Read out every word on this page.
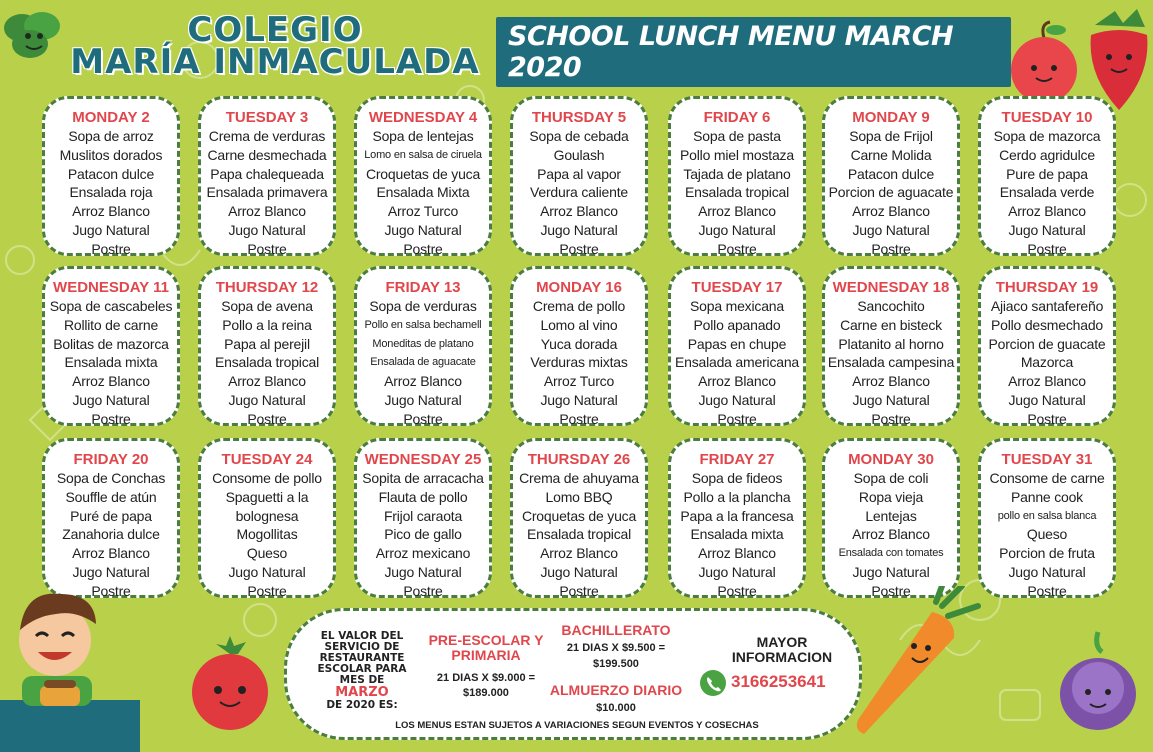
COLEGIO
MARÍA INMACULADA
SCHOOL LUNCH MENU MARCH 2020
MONDAY 2
Sopa de arroz
Muslitos dorados
Patacon dulce
Ensalada roja
Arroz Blanco
Jugo Natural
Postre
TUESDAY 3
Crema de verduras
Carne desmechada
Papa chalequeada
Ensalada primavera
Arroz Blanco
Jugo Natural
Postre
WEDNESDAY 4
Sopa de lentejas
Lomo en salsa de ciruela
Croquetas de yuca
Ensalada Mixta
Arroz Turco
Jugo Natural
Postre
THURSDAY 5
Sopa de cebada
Goulash
Papa al vapor
Verdura caliente
Arroz Blanco
Jugo Natural
Postre
FRIDAY 6
Sopa de pasta
Pollo miel mostaza
Tajada de platano
Ensalada tropical
Arroz Blanco
Jugo Natural
Postre
MONDAY 9
Sopa de Frijol
Carne Molida
Patacon dulce
Porcion de aguacate
Arroz Blanco
Jugo Natural
Postre
TUESDAY 10
Sopa de mazorca
Cerdo agridulce
Pure de papa
Ensalada verde
Arroz Blanco
Jugo Natural
Postre
WEDNESDAY 11
Sopa de cascabeles
Rollito de carne
Bolitas de mazorca
Ensalada mixta
Arroz Blanco
Jugo Natural
Postre
THURSDAY 12
Sopa de avena
Pollo a la reina
Papa al perejil
Ensalada tropical
Arroz Blanco
Jugo Natural
Postre
FRIDAY 13
Sopa de verduras
Pollo en salsa bechamell
Moneditas de platano
Ensalada de aguacate
Arroz Blanco
Jugo Natural
Postre
MONDAY 16
Crema de pollo
Lomo al vino
Yuca dorada
Verduras mixtas
Arroz Turco
Jugo Natural
Postre
TUESDAY 17
Sopa mexicana
Pollo apanado
Papas en chupe
Ensalada americana
Arroz Blanco
Jugo Natural
Postre
WEDNESDAY 18
Sancochito
Carne en bisteck
Platanito al horno
Ensalada campesina
Arroz Blanco
Jugo Natural
Postre
THURSDAY 19
Ajiaco santafereño
Pollo desmechado
Porcion de guacate
Mazorca
Arroz Blanco
Jugo Natural
Postre
FRIDAY 20
Sopa de Conchas
Souffle de atún
Puré de papa
Zanahoria dulce
Arroz Blanco
Jugo Natural
Postre
TUESDAY 24
Consome de pollo
Spaguetti a la
bolognesa
Mogollitas
Queso
Jugo Natural
Postre
WEDNESDAY 25
Sopita de arracacha
Flauta de pollo
Frijol caraota
Pico de gallo
Arroz mexicano
Jugo Natural
Postre
THURSDAY 26
Crema de ahuyama
Lomo BBQ
Croquetas de yuca
Ensalada tropical
Arroz Blanco
Jugo Natural
Postre
FRIDAY 27
Sopa de fideos
Pollo a la plancha
Papa a la francesa
Ensalada mixta
Arroz Blanco
Jugo Natural
Postre
MONDAY 30
Sopa de coli
Ropa vieja
Lentejas
Arroz Blanco
Ensalada con tomates
Jugo Natural
Postre
TUESDAY 31
Consome de carne
Panne cook
pollo en salsa blanca
Queso
Porcion de fruta
Jugo Natural
Postre
EL VALOR DEL
SERVICIO DE
RESTAURANTE
ESCOLAR PARA
MES DE MARZO
DE 2020 ES:
PRE-ESCOLAR Y
PRIMARIA
21 DIAS X $9.000 =
$189.000
BACHILLERATO
21 DIAS X $9.500 =
$199.500
ALMUERZO DIARIO
$10.000
MAYOR
INFORMACION
3166253641
LOS MENUS ESTAN SUJETOS A VARIACIONES SEGUN EVENTOS Y COSECHAS
